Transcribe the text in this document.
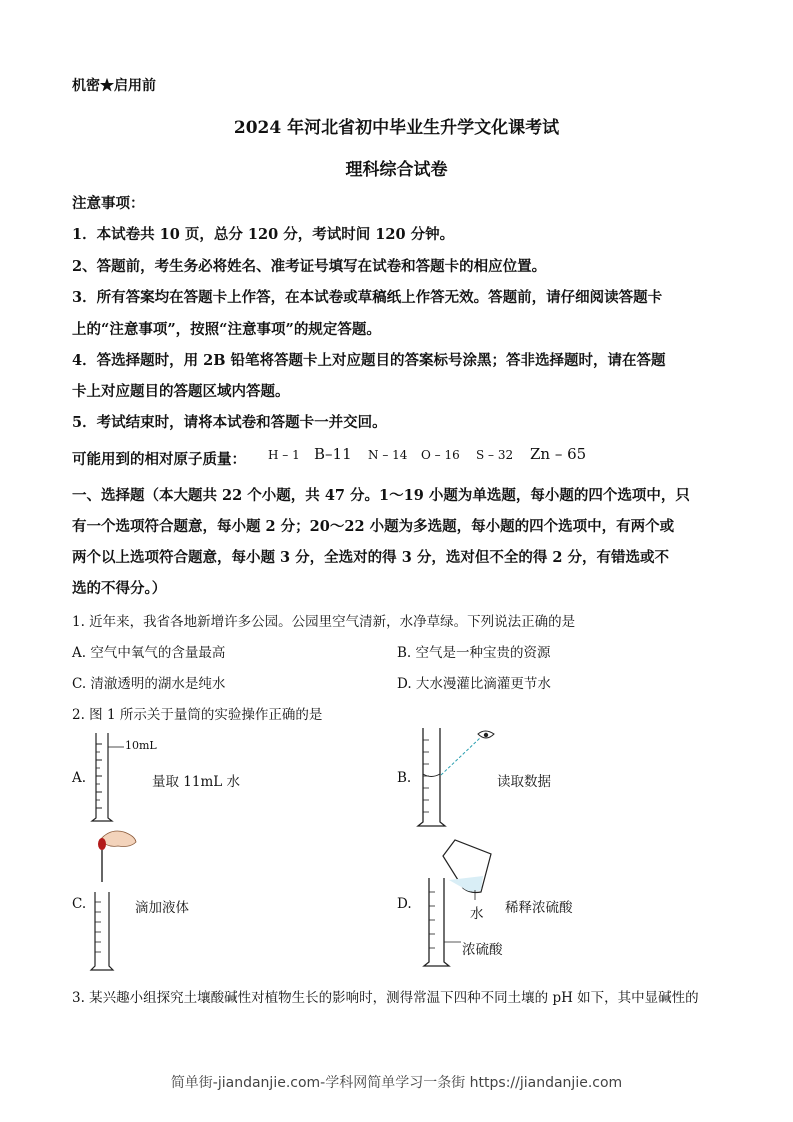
机密★启用前
2024 年河北省初中毕业生升学文化课考试
理科综合试卷
注意事项：
1．本试卷共 10 页，总分 120 分，考试时间 120 分钟。
2、答题前，考生务必将姓名、准考证号填写在试卷和答题卡的相应位置。
3．所有答案均在答题卡上作答，在本试卷或草稿纸上作答无效。答题前，请仔细阅读答题卡
上的“注意事项”，按照“注意事项”的规定答题。
4．答选择题时，用 2B 铅笔将答题卡上对应题目的答案标号涂黑；答非选择题时，请在答题
卡上对应题目的答题区域内答题。
5．考试结束时，请将本试卷和答题卡一并交回。
可能用到的相对原子质量： H – 1 B–11 N – 14 O – 16 S – 32 Zn – 65
一、选择题（本大题共 22 个小题，共 47 分。1～19 小题为单选题，每小题的四个选项中，只
有一个选项符合题意，每小题 2 分；20～22 小题为多选题，每小题的四个选项中，有两个或
两个以上选项符合题意，每小题 3 分，全选对的得 3 分，选对但不全的得 2 分，有错选或不
选的不得分。）
1. 近年来，我省各地新增许多公园。公园里空气清新，水净草绿。下列说法正确的是
A. 空气中氧气的含量最高	B. 空气是一种宝贵的资源
C. 清澈透明的湖水是纯水	D. 大水漫灌比滴灌更节水
2. 图 1 所示关于量筒的实验操作正确的是
A.
10mL
量取 11mL 水	B.	读取数据
C.	滴加液体	D.
水
浓硫酸
稀释浓硫酸
3. 某兴趣小组探究土壤酸碱性对植物生长的影响时，测得常温下四种不同土壤的 pH 如下，其中显碱性的
简单街-jiandanjie.com-学科网简单学习一条街 https://jiandanjie.com
